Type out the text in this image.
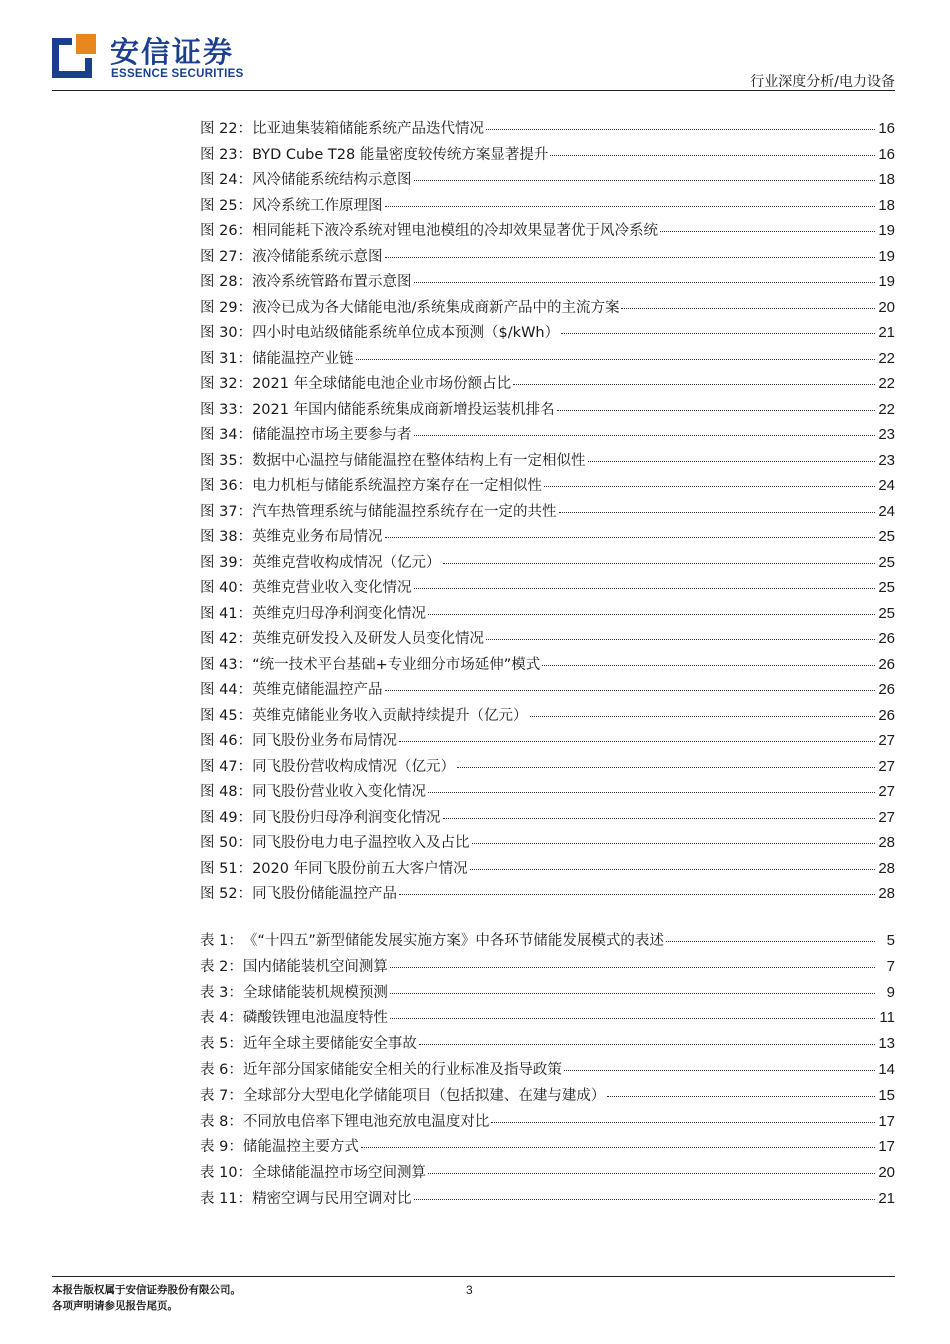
安信证券
ESSENCE SECURITIES	行业深度分析/电力设备
图 22： 比亚迪集装箱储能系统产品迭代情况	16
图 23： BYD Cube T28 能量密度较传统方案显著提升	16
图 24： 风冷储能系统结构示意图	18
图 25： 风冷系统工作原理图	18
图 26： 相同能耗下液冷系统对锂电池模组的冷却效果显著优于风冷系统	19
图 27： 液冷储能系统示意图	19
图 28： 液冷系统管路布置示意图	19
图 29： 液冷已成为各大储能电池/系统集成商新产品中的主流方案	20
图 30： 四小时电站级储能系统单位成本预测（$/kWh）	21
图 31： 储能温控产业链	22
图 32： 2021 年全球储能电池企业市场份额占比	22
图 33： 2021 年国内储能系统集成商新增投运装机排名	22
图 34： 储能温控市场主要参与者	23
图 35： 数据中心温控与储能温控在整体结构上有一定相似性	23
图 36： 电力机柜与储能系统温控方案存在一定相似性	24
图 37： 汽车热管理系统与储能温控系统存在一定的共性	24
图 38： 英维克业务布局情况	25
图 39： 英维克营收构成情况（亿元）	25
图 40： 英维克营业收入变化情况	25
图 41： 英维克归母净利润变化情况	25
图 42： 英维克研发投入及研发人员变化情况	26
图 43： “统一技术平台基础+专业细分市场延伸”模式	26
图 44： 英维克储能温控产品	26
图 45： 英维克储能业务收入贡献持续提升（亿元）	26
图 46： 同飞股份业务布局情况	27
图 47： 同飞股份营收构成情况（亿元）	27
图 48： 同飞股份营业收入变化情况	27
图 49： 同飞股份归母净利润变化情况	27
图 50： 同飞股份电力电子温控收入及占比	28
图 51： 2020 年同飞股份前五大客户情况	28
图 52： 同飞股份储能温控产品	28
表 1： 《“十四五”新型储能发展实施方案》中各环节储能发展模式的表述	5
表 2： 国内储能装机空间测算	7
表 3： 全球储能装机规模预测	9
表 4： 磷酸铁锂电池温度特性	11
表 5： 近年全球主要储能安全事故	13
表 6： 近年部分国家储能安全相关的行业标准及指导政策	14
表 7： 全球部分大型电化学储能项目（包括拟建、在建与建成）	15
表 8： 不同放电倍率下锂电池充放电温度对比	17
表 9： 储能温控主要方式	17
表 10： 全球储能温控市场空间测算	20
表 11： 精密空调与民用空调对比	21
本报告版权属于安信证券股份有限公司。
各项声明请参见报告尾页。
3
